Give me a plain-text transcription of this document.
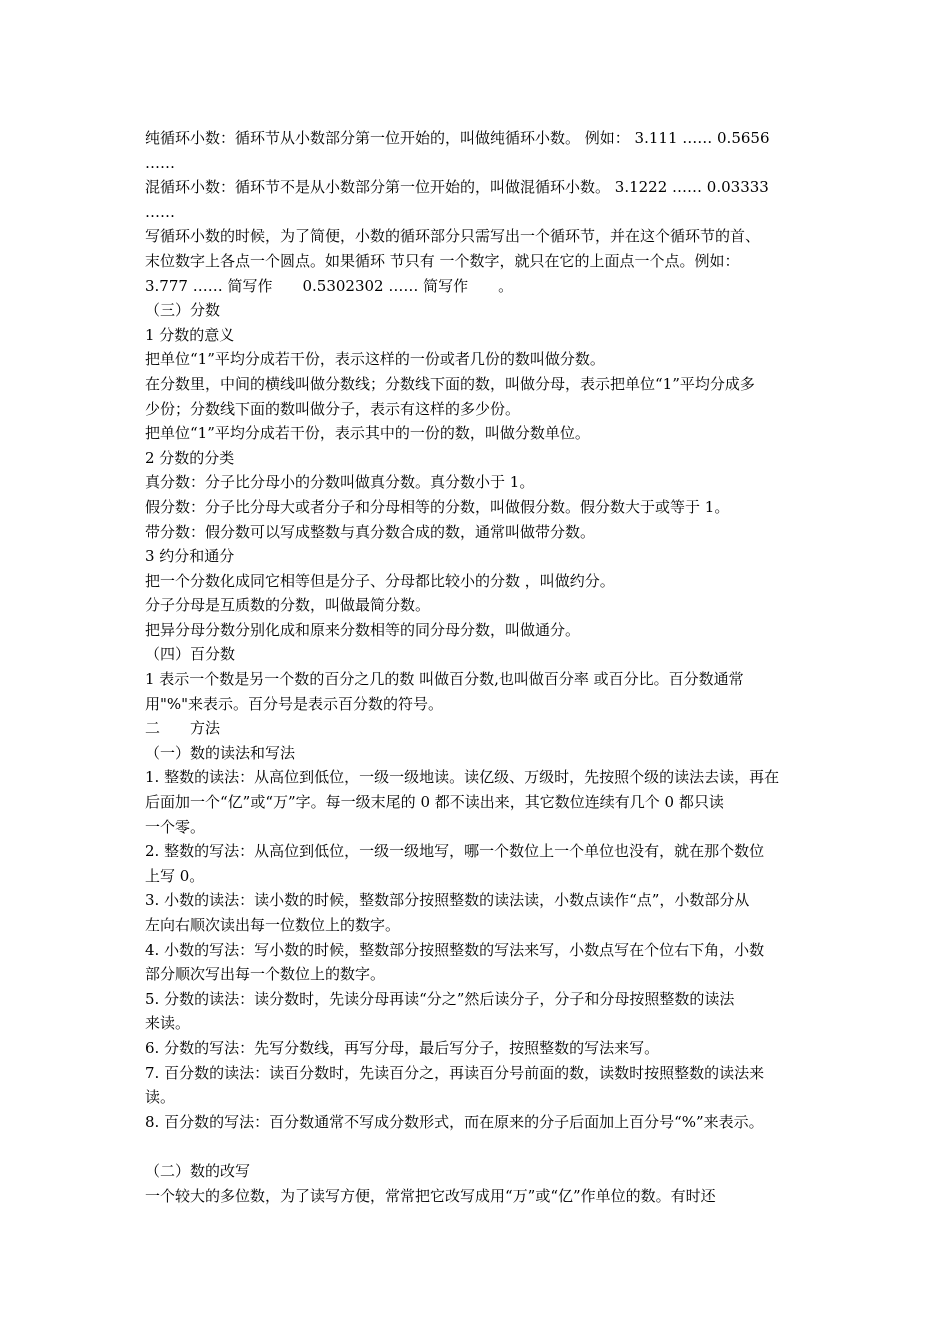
纯循环小数：循环节从小数部分第一位开始的，叫做纯循环小数。 例如： 3.111 …… 0.5656
……
混循环小数：循环节不是从小数部分第一位开始的，叫做混循环小数。 3.1222 …… 0.03333
……
写循环小数的时候，为了简便，小数的循环部分只需写出一个循环节，并在这个循环节的首、
末位数字上各点一个圆点。如果循环 节只有 一个数字，就只在它的上面点一个点。例如：
3.777 …… 简写作　　0.5302302 …… 简写作　　。
（三）分数
1 分数的意义
把单位“1”平均分成若干份，表示这样的一份或者几份的数叫做分数。
在分数里，中间的横线叫做分数线；分数线下面的数，叫做分母，表示把单位“1”平均分成多
少份；分数线下面的数叫做分子，表示有这样的多少份。
把单位“1”平均分成若干份，表示其中的一份的数，叫做分数单位。
2 分数的分类
真分数：分子比分母小的分数叫做真分数。真分数小于 1。
假分数：分子比分母大或者分子和分母相等的分数，叫做假分数。假分数大于或等于 1。
带分数：假分数可以写成整数与真分数合成的数，通常叫做带分数。
3 约分和通分
把一个分数化成同它相等但是分子、分母都比较小的分数 ，叫做约分。
分子分母是互质数的分数，叫做最简分数。
把异分母分数分别化成和原来分数相等的同分母分数，叫做通分。
（四）百分数
1 表示一个数是另一个数的百分之几的数 叫做百分数,也叫做百分率 或百分比。百分数通常
用"%"来表示。百分号是表示百分数的符号。
二　　方法
（一）数的读法和写法
1. 整数的读法：从高位到低位，一级一级地读。读亿级、万级时，先按照个级的读法去读，再在
后面加一个“亿”或“万”字。每一级末尾的 0 都不读出来，其它数位连续有几个 0 都只读
一个零。
2. 整数的写法：从高位到低位，一级一级地写，哪一个数位上一个单位也没有，就在那个数位
上写 0。
3. 小数的读法：读小数的时候，整数部分按照整数的读法读，小数点读作“点”，小数部分从
左向右顺次读出每一位数位上的数字。
4. 小数的写法：写小数的时候，整数部分按照整数的写法来写，小数点写在个位右下角，小数
部分顺次写出每一个数位上的数字。
5. 分数的读法：读分数时，先读分母再读“分之”然后读分子，分子和分母按照整数的读法
来读。
6. 分数的写法：先写分数线，再写分母，最后写分子，按照整数的写法来写。
7. 百分数的读法：读百分数时，先读百分之，再读百分号前面的数，读数时按照整数的读法来
读。
8. 百分数的写法：百分数通常不写成分数形式，而在原来的分子后面加上百分号“%”来表示。
（二）数的改写
一个较大的多位数，为了读写方便，常常把它改写成用“万”或“亿”作单位的数。有时还
